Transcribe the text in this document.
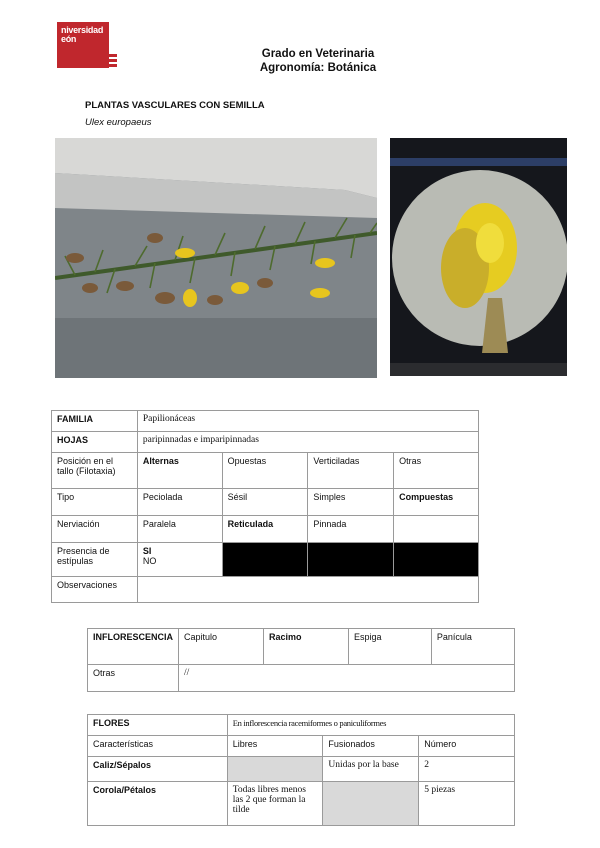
niversidad
eón
Grado en Veterinaria
Agronomía: Botánica
PLANTAS VASCULARES CON SEMILLA
Ulex europaeus
FAMILIA	Papilionáceas			
HOJAS	paripinnadas e imparipinnadas			
Posición en el tallo (Filotaxia)	Alternas	Opuestas	Verticiladas	Otras
Tipo	Peciolada	Sésil	Simples	Compuestas
Nerviación	Paralela	Reticulada	Pinnada	
Presencia de estípulas	SI
NO			
Observaciones				
INFLORESCENCIA	Capitulo	Racimo	Espiga	Panícula
Otras	//			
FLORES	En inflorescencia racemiformes o paniculiformes		
Características	Libres	Fusionados	Número
Caliz/Sépalos		Unidas por la base	2
Corola/Pétalos	Todas libres menos las 2 que forman la tilde		5 piezas
